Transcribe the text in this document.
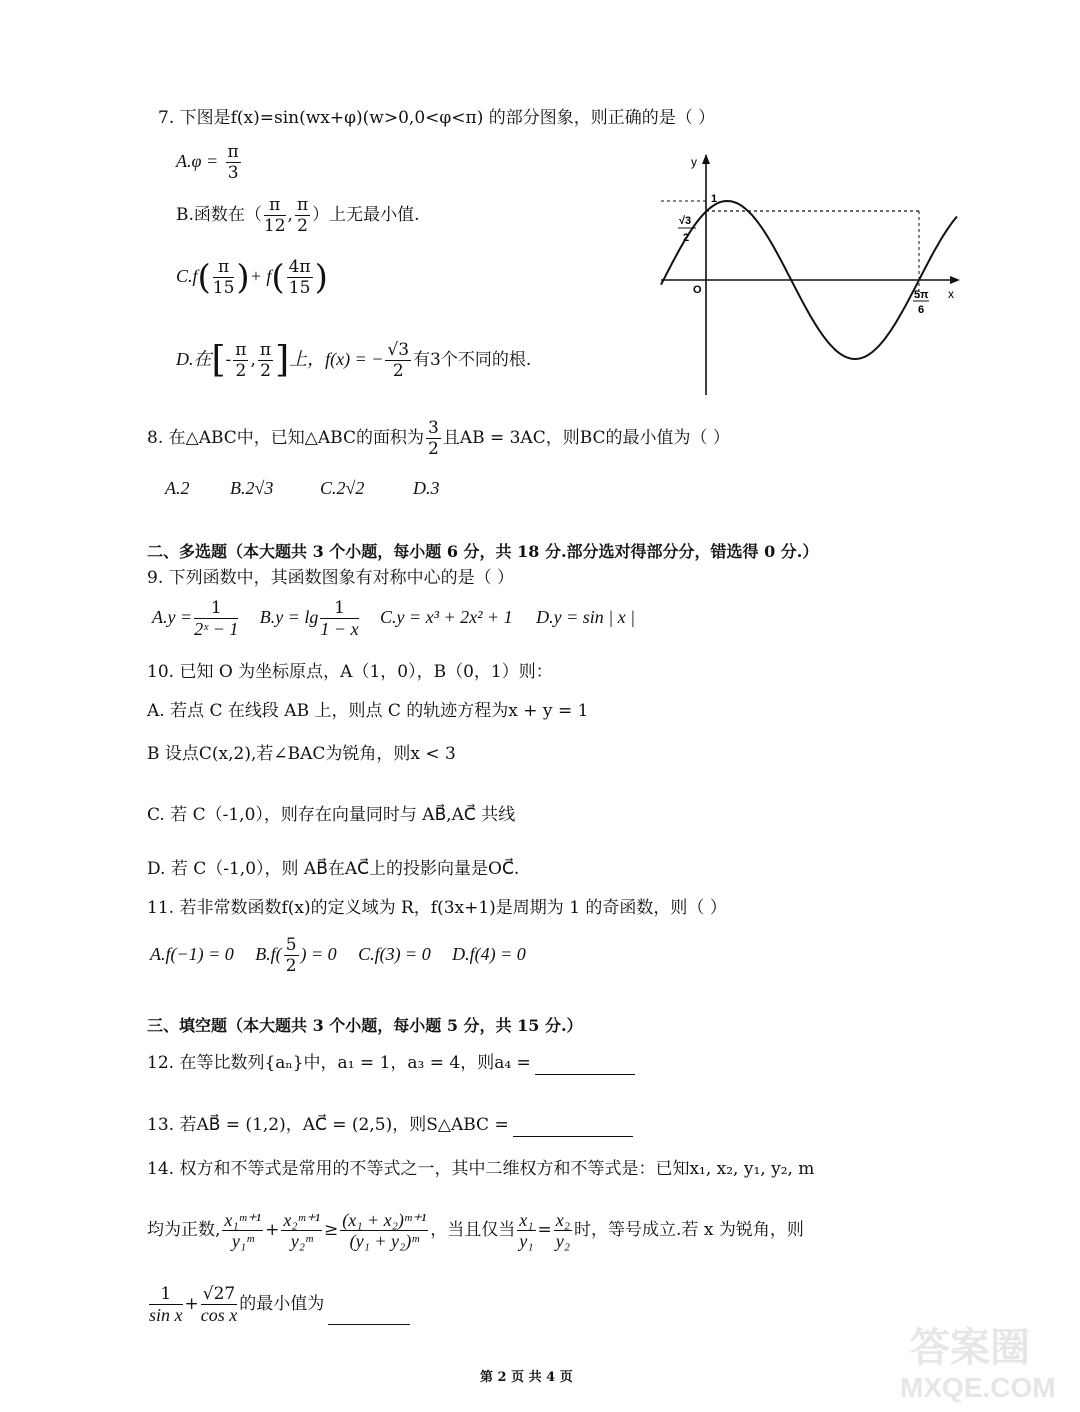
7. 下图是f(x)=sin(wx+φ)(w>0,0<φ<π) 的部分图象，则正确的是（ ）
$A.\varphi = \frac{\pi}{3}$
B.函数在（ $\frac{\pi}{12}$ , $\frac{\pi}{2}$ ）上无最小值.
$C.f( \frac{\pi}{15}$ )+ $f( \frac{4\pi}{15}$ )
D.在[- $\frac{\pi}{2}$ , $\frac{\pi}{2}$ ]上，f(x) = − $\frac{√3}{2}$ 有3个不同的根.
y
x
O
1
√3
2
5π
6
8. 在△ABC中，已知△ABC的面积为 $\frac{3}{2}$ 且AB = 3AC，则BC的最小值为（ ）
A.2 B.2√3	C.2√2	D.3
二、多选题（本大题共 3 个小题，每小题 6 分，共 18 分.部分选对得部分分，错选得 0 分.）
9. 下列函数中，其函数图象有对称中心的是（ ）
$A.y = \frac{1}{\text{2ˣ − 1}} B.y = \lg \frac{1}{1 - x} C.y = x^3 + 2x^2 + 1$ D.y = sin | x |
10. 已知 O 为坐标原点，A（1，0），B（0，1）则：
A. 若点 C 在线段 AB 上，则点 C 的轨迹方程为x + y = 1
B 设点C(x,2),若∠BAC为锐角，则x < 3
C. 若 C（-1,0），则存在向量同时与 AB⃗,AC⃗ 共线
D. 若 C（-1,0），则 AB⃗在AC⃗上的投影向量是OC⃗.
11. 若非常数函数f(x)的定义域为 R，f(3x+1)是周期为 1 的奇函数，则（ ）
A.f(−1) = 0 $B.f( \frac{5}{2}$ ) = 0 C.f(3) = 0 D.f(4) = 0
三、填空题（本大题共 3 个小题，每小题 5 分，共 15 分.）
12. 在等比数列{aₙ}中，a₁ = 1，a₃ = 4，则a₄ =
13. 若AB⃗ = (1,2)，AC⃗ = (2,5)，则S△ABC =
14. 权方和不等式是常用的不等式之一，其中二维权方和不等式是：已知x₁, x₂, y₁, y₂, m
均为正数, $\frac{\text{x₁ᵐ⁺¹}}{\text{y₁ᵐ}} + \frac{\text{x₂ᵐ⁺¹}}{\text{y₂ᵐ}} \ge \frac{\text{(x₁ + x₂)ᵐ⁺¹}}{\text{(y₁ + y₂)ᵐ}}$ ，当且仅当 $\frac{\text{x₁}}{\text{y₁}} = \frac{\text{x₂}}{\text{y₂}}$ 时，等号成立.若 x 为锐角，则
$\frac{1}{\text{sin x}} + \frac{√27}{\text{cos x}}$ 的最小值为
第 2 页 共 4 页
答案圈
MXQE.COM
